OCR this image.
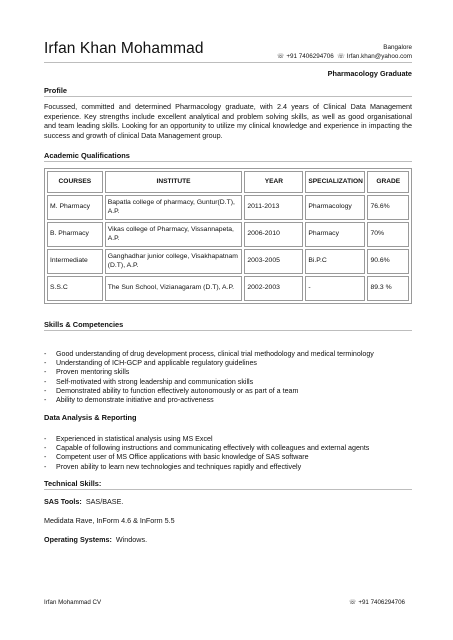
Irfan Khan Mohammad	Bangalore
☏ +91 7406294706 ☏ Irfan.khan@yahoo.com
Pharmacology Graduate
Profile
Focussed, committed and determined Pharmacology graduate, with 2.4 years of Clinical Data Management experience. Key strengths include excellent analytical and problem solving skills, as well as good organisational and team leading skills. Looking for an opportunity to utilize my clinical knowledge and experience in impacting the success and growth of clinical Data Management group.
Academic Qualifications
COURSES	INSTITUTE	YEAR	SPECIALIZATION	GRADE
M. Pharmacy	Bapatla college of pharmacy, Guntur(D.T), A.P.	2011-2013	Pharmacology	76.6%
B. Pharmacy	Vikas college of Pharmacy, Vissannapeta, A.P.	2006-2010	Pharmacy	70%
Intermediate	Ganghadhar junior college, Visakhapatnam (D.T), A.P.	2003-2005	Bi.P.C	90.6%
S.S.C	The Sun School, Vizianagaram (D.T), A.P.	2002-2003	-	89.3 %
Skills & Competencies
- Good understanding of drug development process, clinical trial methodology and medical terminology
- Understanding of ICH-GCP and applicable regulatory guidelines
- Proven mentoring skills
- Self-motivated with strong leadership and communication skills
- Demonstrated ability to function effectively autonomously or as part of a team
- Ability to demonstrate initiative and pro-activeness
Data Analysis & Reporting
- Experienced in statistical analysis using MS Excel
- Capable of following instructions and communicating effectively with colleagues and external agents
- Competent user of MS Office applications with basic knowledge of SAS software
- Proven ability to learn new technologies and techniques rapidly and effectively
Technical Skills:
SAS Tools: SAS/BASE.
Medidata Rave, InForm 4.6 & InForm 5.5
Operating Systems: Windows.
Irfan Mohammad CV	☏ +91 7406294706
